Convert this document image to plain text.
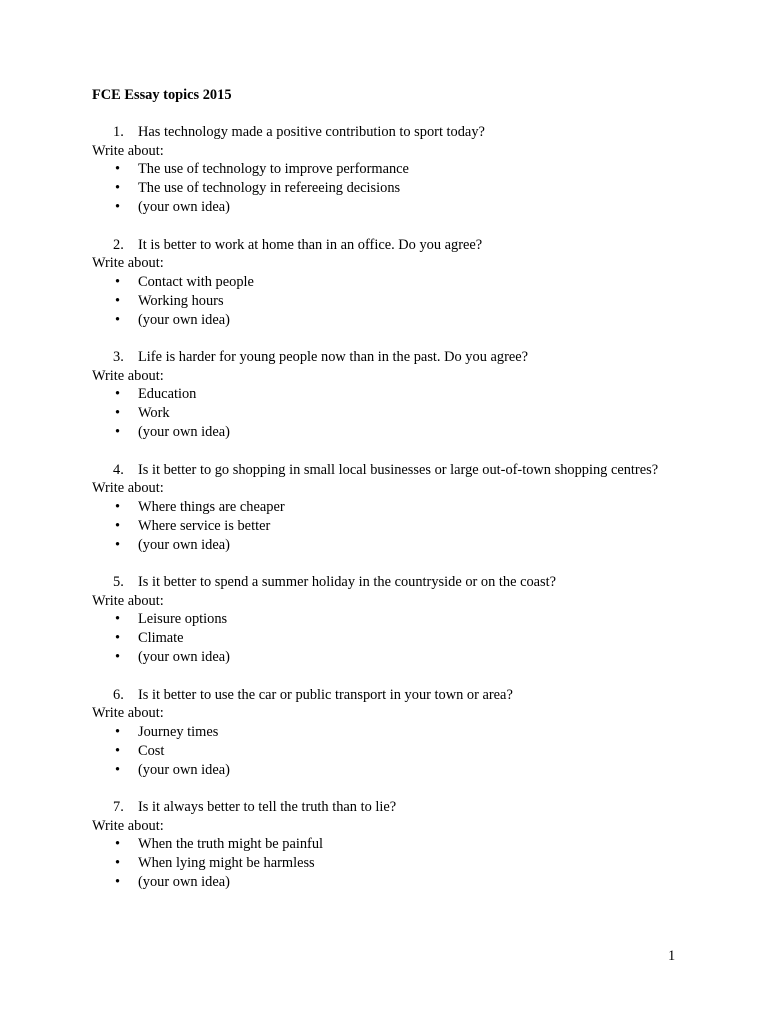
FCE Essay topics 2015

1. Has technology made a positive contribution to sport today?

Write about:

• The use of technology to improve performance
• The use of technology in refereeing decisions
• (your own idea)

2. It is better to work at home than in an office. Do you agree?

Write about:

• Contact with people
• Working hours
• (your own idea)

3. Life is harder for young people now than in the past. Do you agree?

Write about:

• Education
• Work
• (your own idea)

4. Is it better to go shopping in small local businesses or large out-of-town shopping centres?

Write about:

• Where things are cheaper
• Where service is better
• (your own idea)

5. Is it better to spend a summer holiday in the countryside or on the coast?

Write about:

• Leisure options
• Climate
• (your own idea)

6. Is it better to use the car or public transport in your town or area?

Write about:

• Journey times
• Cost
• (your own idea)

7. Is it always better to tell the truth than to lie?

Write about:

• When the truth might be painful
• When lying might be harmless
• (your own idea)
1
